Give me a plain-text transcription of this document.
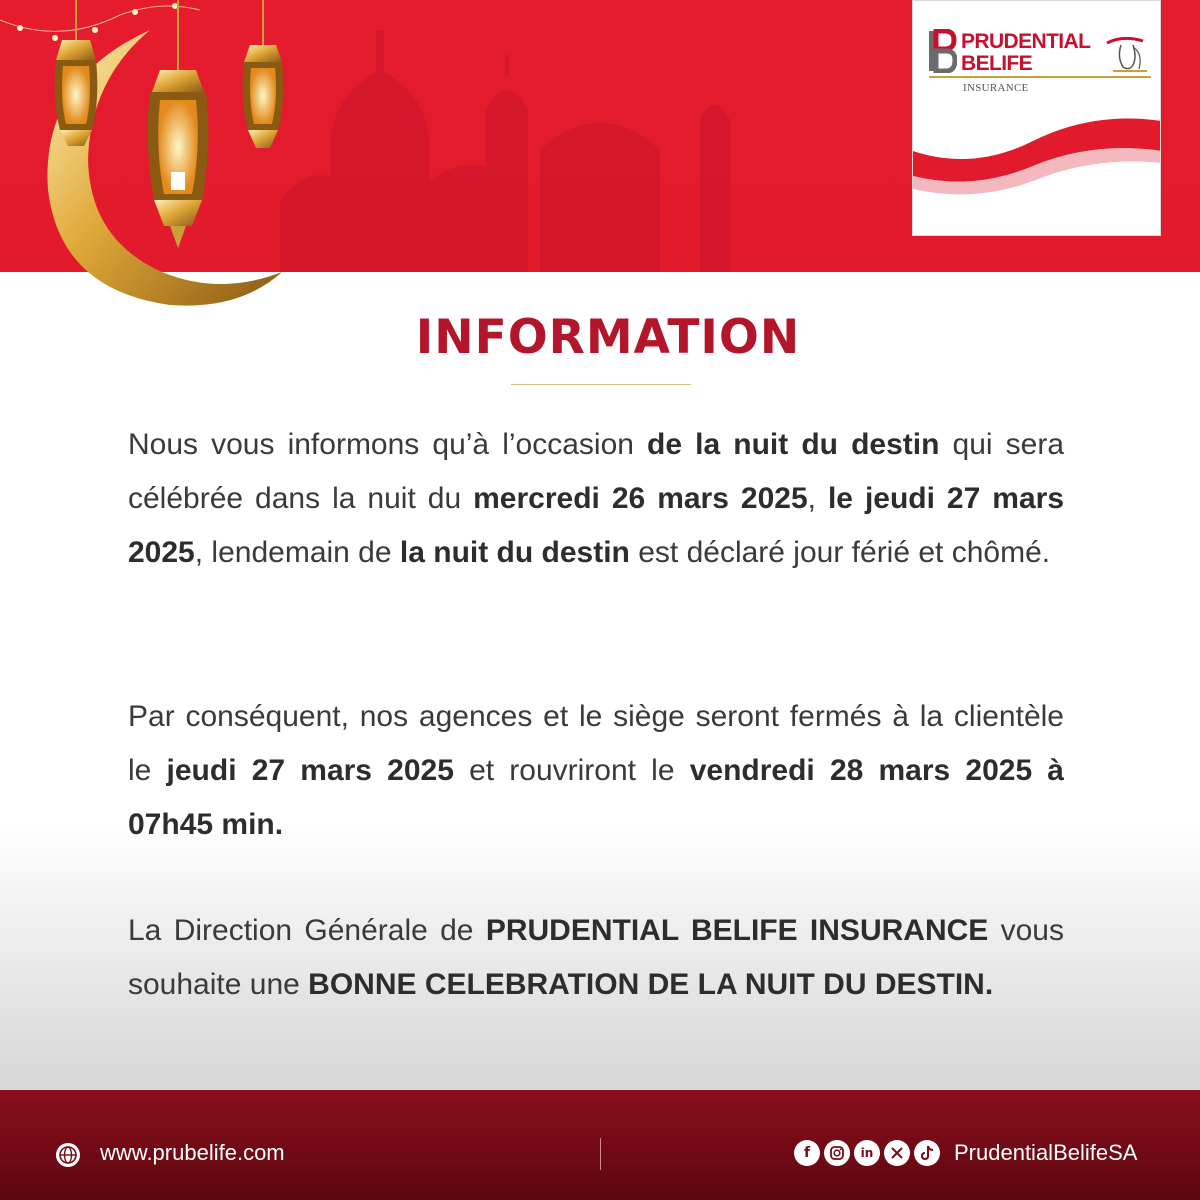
PRUDENTIAL
BELIFE
INSURANCE
INFORMATION

Nous vous informons qu’à l’occasion de la nuit du destin qui sera célébrée dans la nuit du mercredi 26 mars 2025, le jeudi 27 mars 2025, lendemain de la nuit du destin est déclaré jour férié et chômé.

Par conséquent, nos agences et le siège seront fermés à la clientèle le jeudi 27 mars 2025 et rouvriront le vendredi 28 mars 2025 à 07h45 min.

La Direction Générale de PRUDENTIAL BELIFE INSURANCE vous souhaite une BONNE CELEBRATION DE LA NUIT DU DESTIN.

www.prubelife.com	f	in	PrudentialBelifeSA
